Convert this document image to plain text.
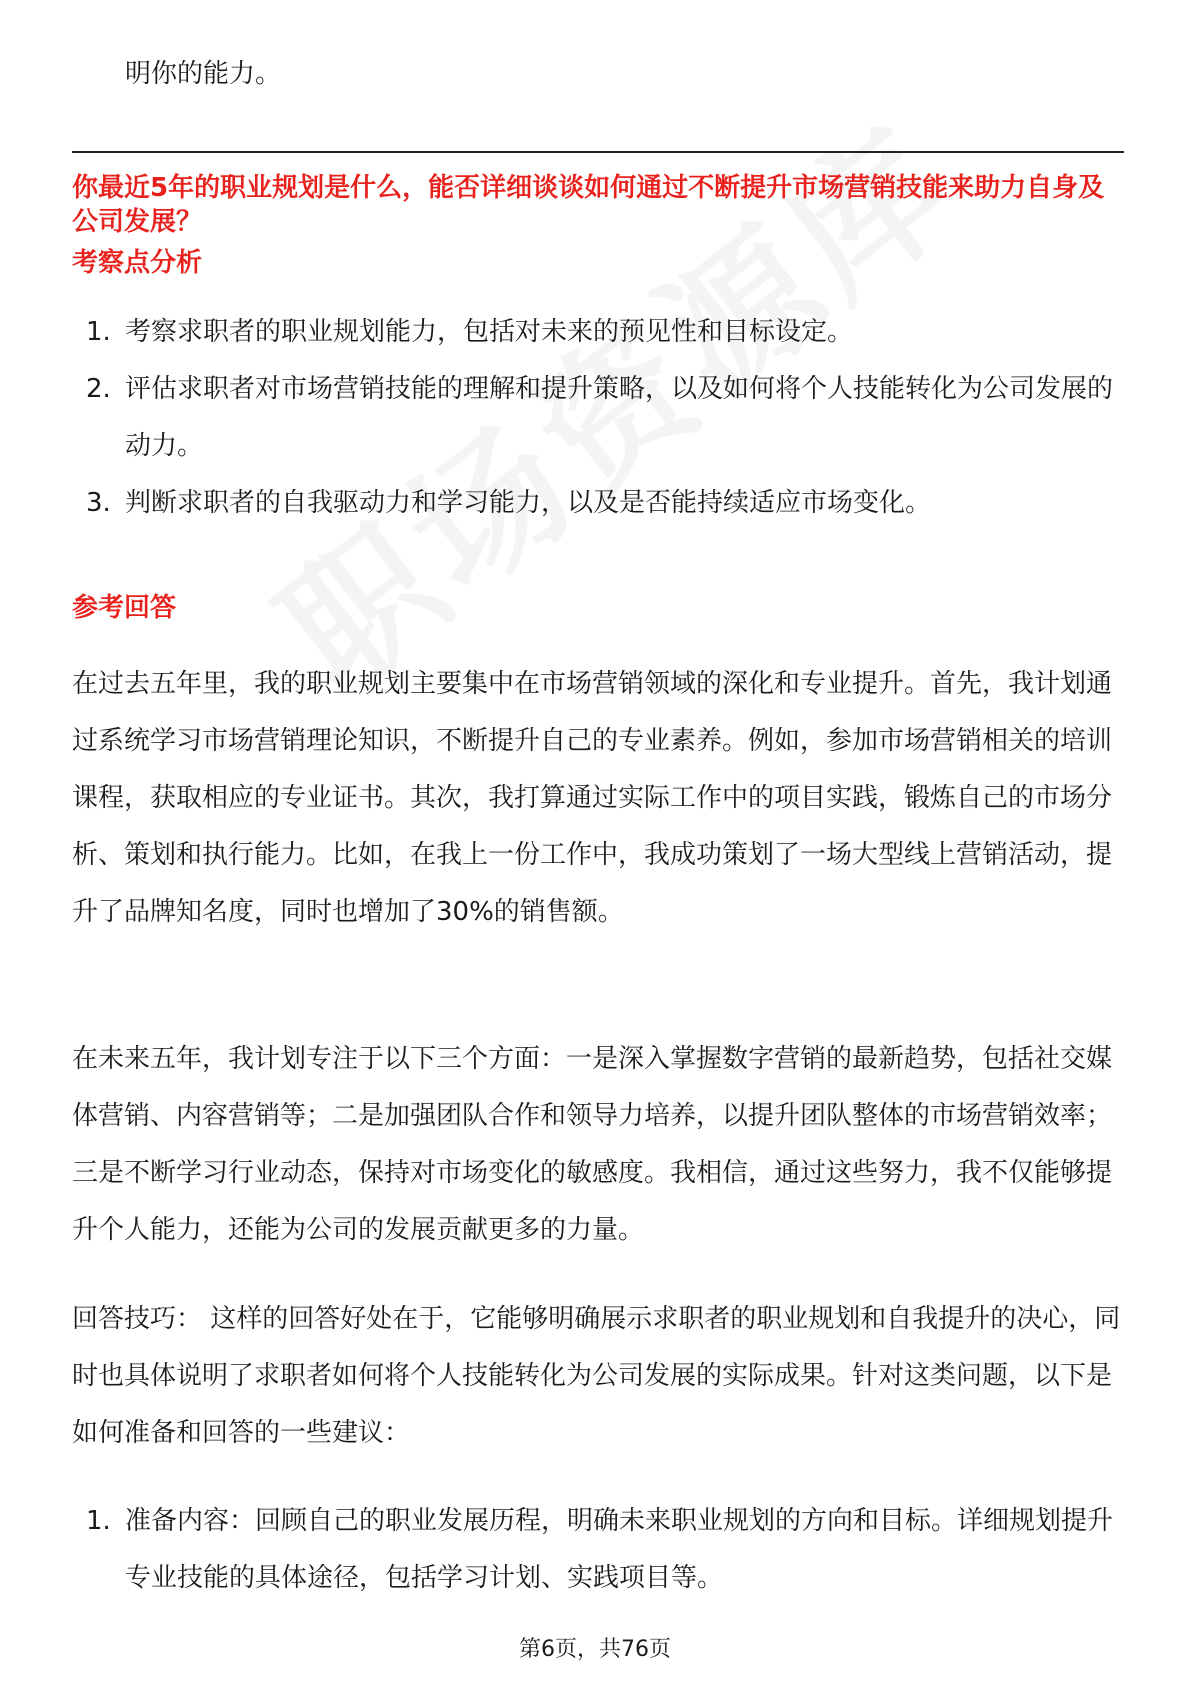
明你的能力。
你最近5年的职业规划是什么，能否详细谈谈如何通过不断提升市场营销技能来助力自身及公司发展？
考察点分析
1. 考察求职者的职业规划能力，包括对未来的预见性和目标设定。
2. 评估求职者对市场营销技能的理解和提升策略，以及如何将个人技能转化为公司发展的动力。
3. 判断求职者的自我驱动力和学习能力，以及是否能持续适应市场变化。
参考回答

在过去五年里，我的职业规划主要集中在市场营销领域的深化和专业提升。首先，我计划通过系统学习市场营销理论知识，不断提升自己的专业素养。例如，参加市场营销相关的培训课程，获取相应的专业证书。其次，我打算通过实际工作中的项目实践，锻炼自己的市场分析、策划和执行能力。比如，在我上一份工作中，我成功策划了一场大型线上营销活动，提升了品牌知名度，同时也增加了30%的销售额。

在未来五年，我计划专注于以下三个方面：一是深入掌握数字营销的最新趋势，包括社交媒体营销、内容营销等；二是加强团队合作和领导力培养，以提升团队整体的市场营销效率；三是不断学习行业动态，保持对市场变化的敏感度。我相信，通过这些努力，我不仅能够提升个人能力，还能为公司的发展贡献更多的力量。

回答技巧： 这样的回答好处在于，它能够明确展示求职者的职业规划和自我提升的决心，同时也具体说明了求职者如何将个人技能转化为公司发展的实际成果。针对这类问题，以下是如何准备和回答的一些建议：

1. 准备内容：回顾自己的职业发展历程，明确未来职业规划的方向和目标。详细规划提升专业技能的具体途径，包括学习计划、实践项目等。
第6页，共76页
